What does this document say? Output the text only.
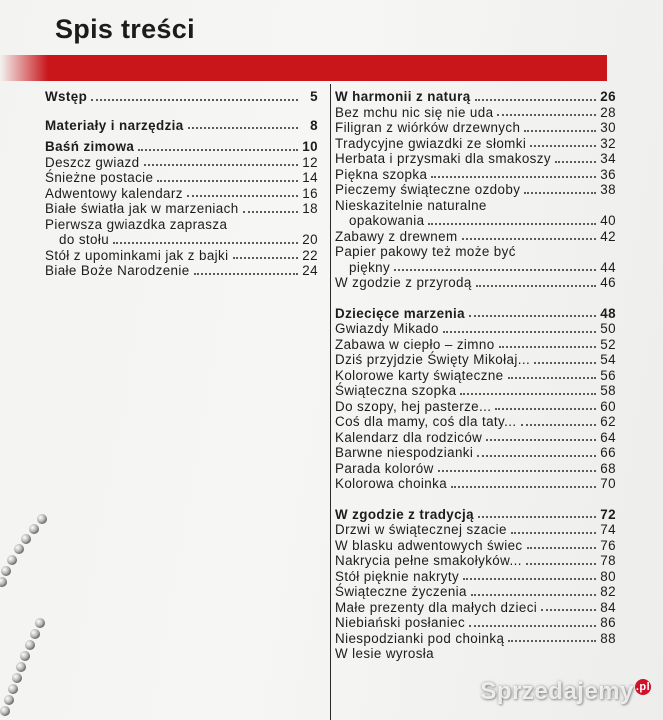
Spis treści
Wstęp	5
Materiały i narzędzia	8
Baśń zimowa	10
Deszcz gwiazd	12
Śnieżne postacie	14
Adwentowy kalendarz	16
Białe światła jak w marzeniach	18
Pierwsza gwiazdka zaprasza
do stołu	20
Stół z upominkami jak z bajki	22
Białe Boże Narodzenie	24
W harmonii z naturą	26
Bez mchu nic się nie uda	28
Filigran z wiórków drzewnych	30
Tradycyjne gwiazdki ze słomki	32
Herbata i przysmaki dla smakoszy	34
Piękna szopka	36
Pieczemy świąteczne ozdoby	38
Nieskazitelnie naturalne
opakowania	40
Zabawy z drewnem	42
Papier pakowy też może być
piękny	44
W zgodzie z przyrodą	46
Dziecięce marzenia	48
Gwiazdy Mikado	50
Zabawa w ciepło – zimno	52
Dziś przyjdzie Święty Mikołaj...	54
Kolorowe karty świąteczne	56
Świąteczna szopka	58
Do szopy, hej pasterze...	60
Coś dla mamy, coś dla taty...	62
Kalendarz dla rodziców	64
Barwne niespodzianki	66
Parada kolorów	68
Kolorowa choinka	70
W zgodzie z tradycją	72
Drzwi w świątecznej szacie	74
W blasku adwentowych świec	76
Nakrycia pełne smakołyków...	78
Stół pięknie nakryty	80
Świąteczne życzenia	82
Małe prezenty dla małych dzieci	84
Niebiański posłaniec	86
Niespodzianki pod choinką	88
W lesie wyrosła

Sprzedajemy .pl
